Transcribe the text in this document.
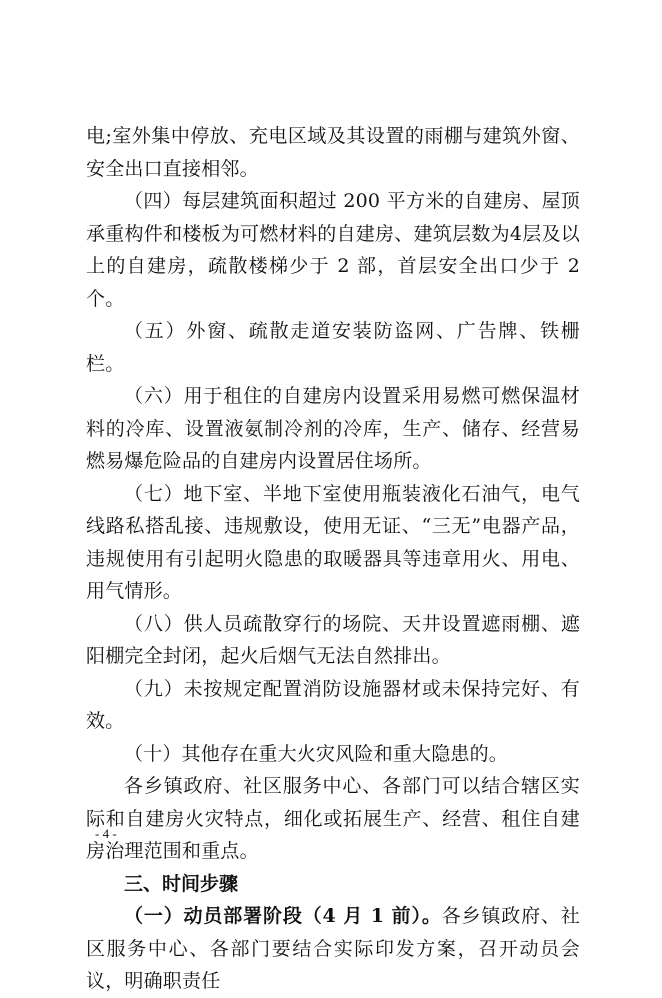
电;室外集中停放、充电区域及其设置的雨棚与建筑外窗、安全出口直接相邻。

（四）每层建筑面积超过 200 平方米的自建房、屋顶承重构件和楼板为可燃材料的自建房、建筑层数为4层及以上的自建房，疏散楼梯少于 2 部，首层安全出口少于 2 个。

（五）外窗、疏散走道安装防盗网、广告牌、铁栅栏。

（六）用于租住的自建房内设置采用易燃可燃保温材料的冷库、设置液氨制冷剂的冷库，生产、储存、经营易燃易爆危险品的自建房内设置居住场所。

（七）地下室、半地下室使用瓶装液化石油气，电气线路私搭乱接、违规敷设，使用无证、“三无”电器产品，违规使用有引起明火隐患的取暖器具等违章用火、用电、用气情形。

（八）供人员疏散穿行的场院、天井设置遮雨棚、遮阳棚完全封闭，起火后烟气无法自然排出。

（九）未按规定配置消防设施器材或未保持完好、有效。

（十）其他存在重大火灾风险和重大隐患的。

各乡镇政府、社区服务中心、各部门可以结合辖区实际和自建房火灾特点，细化或拓展生产、经营、租住自建房治理范围和重点。

三、时间步骤

（一）动员部署阶段（4 月 1 前）。各乡镇政府、社区服务中心、各部门要结合实际印发方案，召开动员会议，明确职责任

- 4 -
